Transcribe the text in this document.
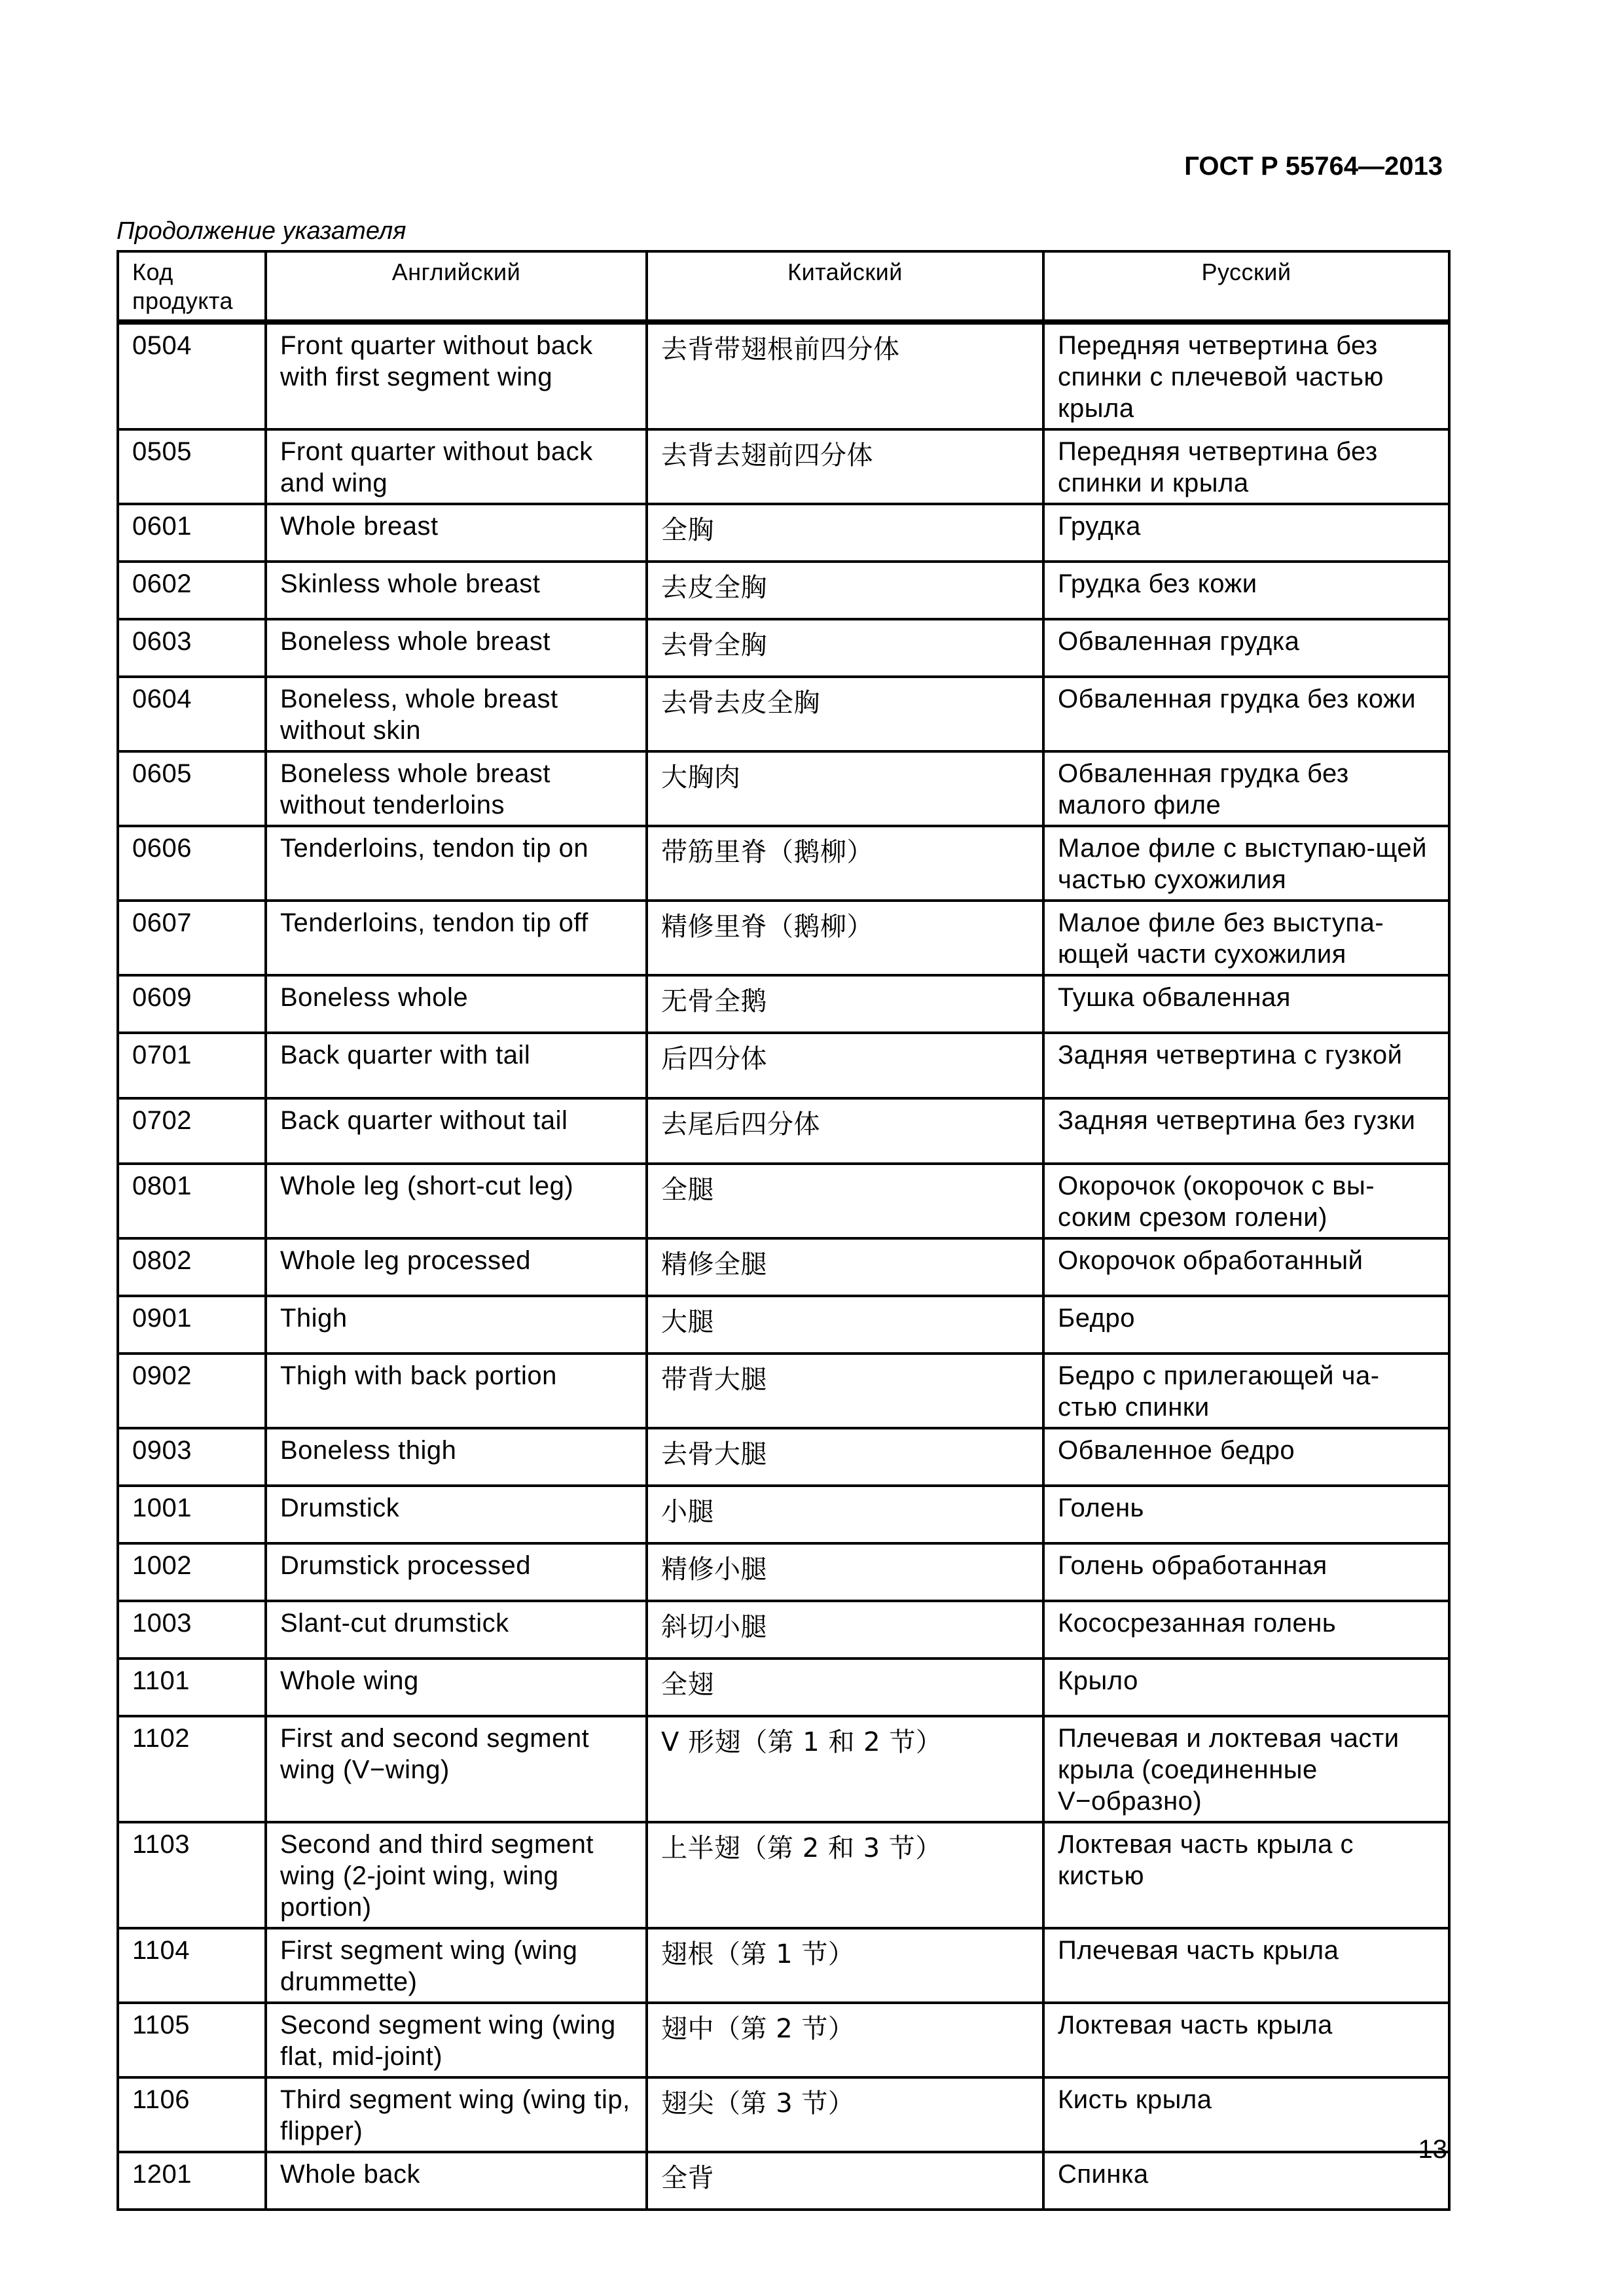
ГОСТ Р 55764—2013
Продолжение указателя
Код продукта	Английский	Китайский	Русский
0504	Front quarter without back with first segment wing	去背带翅根前四分体	Передняя четвертина без спинки с плечевой частью крыла
0505	Front quarter without back and wing	去背去翅前四分体	Передняя четвертина без спинки и крыла
0601	Whole breast	全胸	Грудка
0602	Skinless whole breast	去皮全胸	Грудка без кожи
0603	Boneless whole breast	去骨全胸	Обваленная грудка
0604	Boneless, whole breast without skin	去骨去皮全胸	Обваленная грудка без кожи
0605	Boneless whole breast without tenderloins	大胸肉	Обваленная грудка без малого филе
0606	Tenderloins, tendon tip on	带筋里脊（鹅柳）	Малое филе с выступаю-щей частью сухожилия
0607	Tenderloins, tendon tip off	精修里脊（鹅柳）	Малое филе без выступа-ющей части сухожилия
0609	Boneless whole	无骨全鹅	Тушка обваленная
0701	Back quarter with tail	后四分体	Задняя четвертина с гузкой
0702	Back quarter without tail	去尾后四分体	Задняя четвертина без гузки
0801	Whole leg (short-cut leg)	全腿	Окорочок (окорочок с вы-соким срезом голени)
0802	Whole leg processed	精修全腿	Окорочок обработанный
0901	Thigh	大腿	Бедро
0902	Thigh with back portion	带背大腿	Бедро с прилегающей ча-стью спинки
0903	Boneless thigh	去骨大腿	Обваленное бедро
1001	Drumstick	小腿	Голень
1002	Drumstick processed	精修小腿	Голень обработанная
1003	Slant-cut drumstick	斜切小腿	Косоcрезанная голень
1101	Whole wing	全翅	Крыло
1102	First and second segment wing (V−wing)	V 形翅（第 1 和 2 节）	Плечевая и локтевая части крыла (соединенные V−образно)
1103	Second and third segment wing (2-joint wing, wing portion)	上半翅（第 2 和 3 节）	Локтевая часть крыла с кистью
1104	First segment wing (wing drummette)	翅根（第 1 节）	Плечевая часть крыла
1105	Second segment wing (wing flat, mid-joint)	翅中（第 2 节）	Локтевая часть крыла
1106	Third segment wing (wing tip, flipper)	翅尖（第 3 节）	Кисть крыла
1201	Whole back	全背	Спинка
13
